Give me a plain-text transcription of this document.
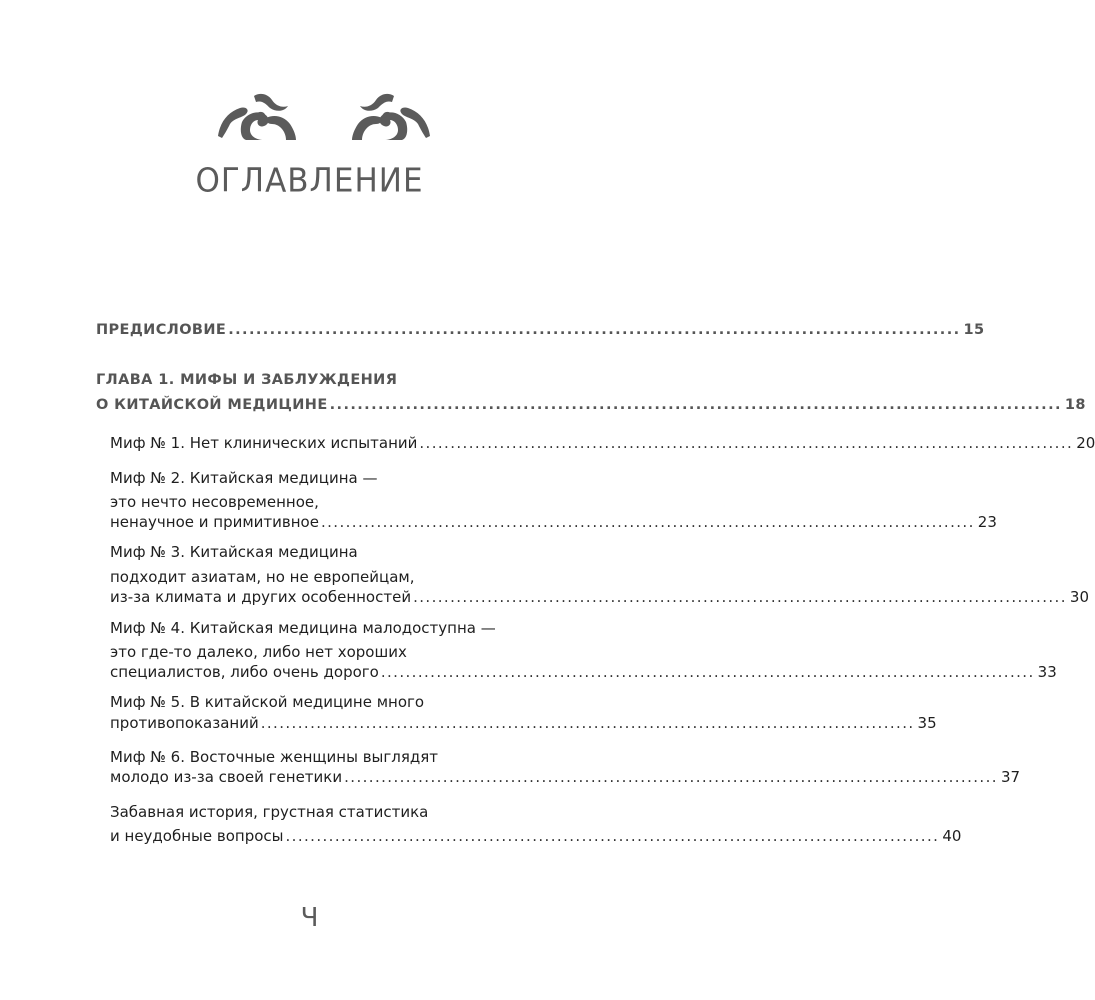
ОГЛАВЛЕНИЕ
ПРЕДИСЛОВИЕ .......................................................................................................... 15
ГЛАВА 1. МИФЫ И ЗАБЛУЖДЕНИЯ
О КИТАЙСКОЙ МЕДИЦИНЕ .......................................................................................................... 18
Миф № 1. Нет клинических испытаний .......................................................................................................... 20
Миф № 2. Китайская медицина —
это нечто несовременное,
ненаучное и примитивное .......................................................................................................... 23
Миф № 3. Китайская медицина
подходит азиатам, но не европейцам,
из-за климата и других особенностей .......................................................................................................... 30
Миф № 4. Китайская медицина малодоступна —
это где-то далеко, либо нет хороших
специалистов, либо очень дорого .......................................................................................................... 33
Миф № 5. В китайской медицине много
противопоказаний .......................................................................................................... 35
Миф № 6. Восточные женщины выглядят
молодо из-за своей генетики .......................................................................................................... 37
Забавная история, грустная статистика
и неудобные вопросы .......................................................................................................... 40
Ч
